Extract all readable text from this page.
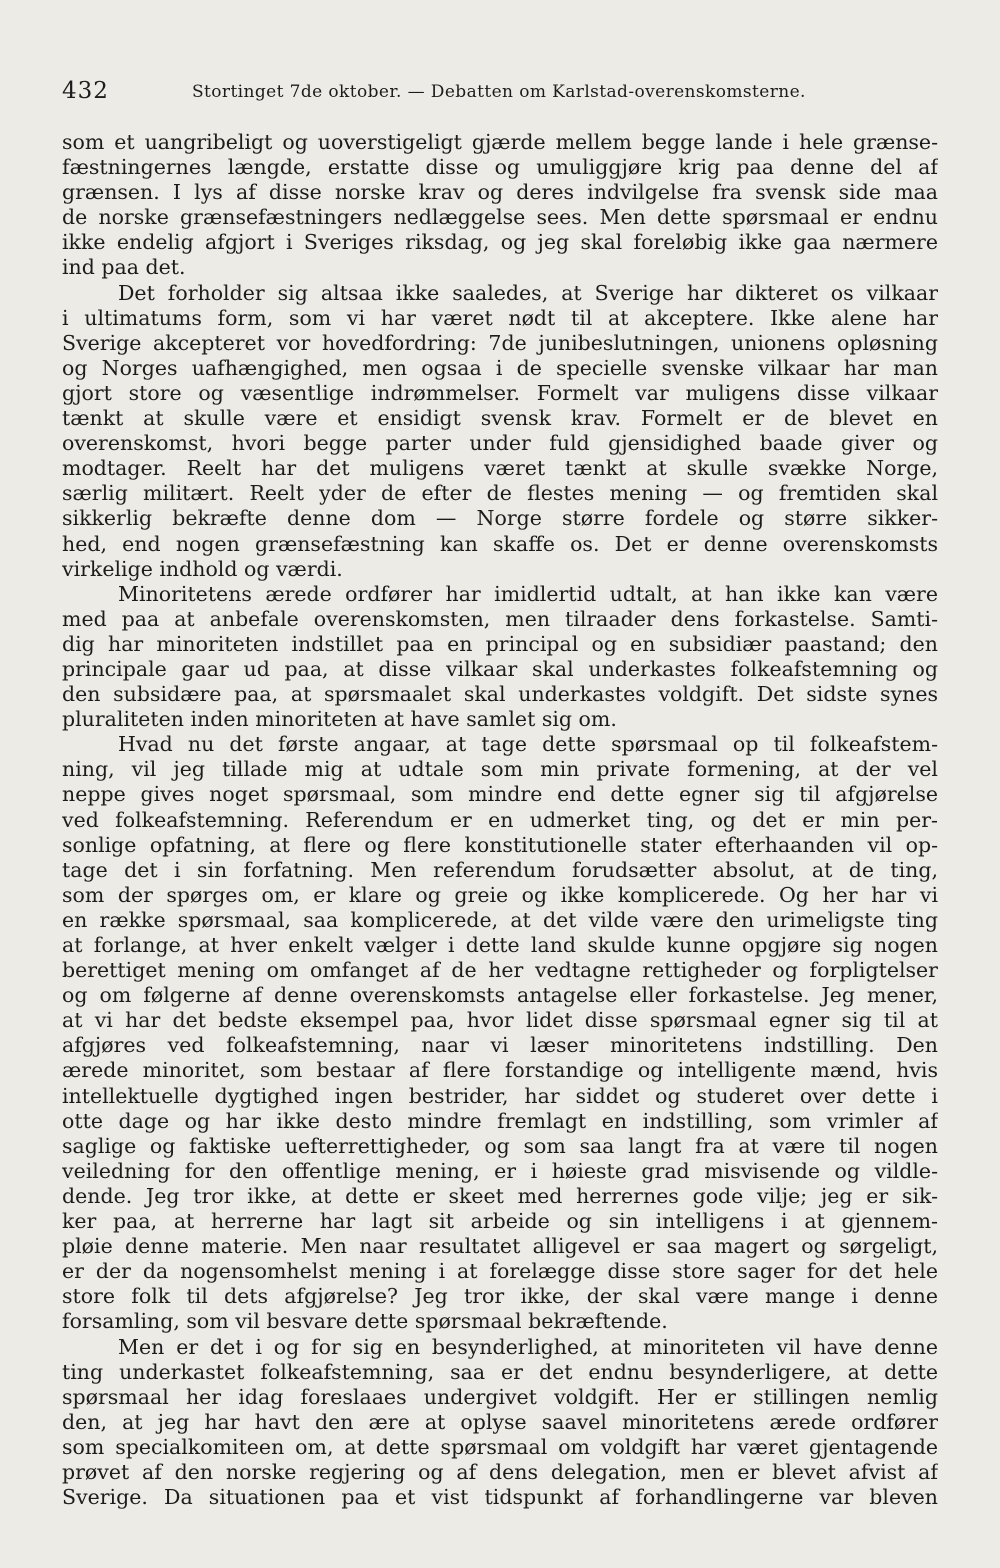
432	Stortinget 7de oktober. — Debatten om Karlstad-overenskomsterne.
som et uangribeligt og uoverstigeligt gjærde mellem begge lande i hele grænse-
fæstningernes længde, erstatte disse og umuliggjøre krig paa denne del af
grænsen. I lys af disse norske krav og deres indvilgelse fra svensk side maa
de norske grænsefæstningers nedlæggelse sees. Men dette spørsmaal er endnu
ikke endelig afgjort i Sveriges riksdag, og jeg skal foreløbig ikke gaa nærmere
ind paa det.
Det forholder sig altsaa ikke saaledes, at Sverige har dikteret os vilkaar
i ultimatums form, som vi har været nødt til at akceptere. Ikke alene har
Sverige akcepteret vor hovedfordring: 7de junibeslutningen, unionens opløsning
og Norges uafhængighed, men ogsaa i de specielle svenske vilkaar har man
gjort store og væsentlige indrømmelser. Formelt var muligens disse vilkaar
tænkt at skulle være et ensidigt svensk krav. Formelt er de blevet en
overenskomst, hvori begge parter under fuld gjensidighed baade giver og
modtager. Reelt har det muligens været tænkt at skulle svække Norge,
særlig militært. Reelt yder de efter de flestes mening — og fremtiden skal
sikkerlig bekræfte denne dom — Norge større fordele og større sikker-
hed, end nogen grænsefæstning kan skaffe os. Det er denne overenskomsts
virkelige indhold og værdi.
Minoritetens ærede ordfører har imidlertid udtalt, at han ikke kan være
med paa at anbefale overenskomsten, men tilraader dens forkastelse. Samti-
dig har minoriteten indstillet paa en principal og en subsidiær paastand; den
principale gaar ud paa, at disse vilkaar skal underkastes folkeafstemning og
den subsidære paa, at spørsmaalet skal underkastes voldgift. Det sidste synes
pluraliteten inden minoriteten at have samlet sig om.
Hvad nu det første angaar, at tage dette spørsmaal op til folkeafstem-
ning, vil jeg tillade mig at udtale som min private formening, at der vel
neppe gives noget spørsmaal, som mindre end dette egner sig til afgjørelse
ved folkeafstemning. Referendum er en udmerket ting, og det er min per-
sonlige opfatning, at flere og flere konstitutionelle stater efterhaanden vil op-
tage det i sin forfatning. Men referendum forudsætter absolut, at de ting,
som der spørges om, er klare og greie og ikke komplicerede. Og her har vi
en række spørsmaal, saa komplicerede, at det vilde være den urimeligste ting
at forlange, at hver enkelt vælger i dette land skulde kunne opgjøre sig nogen
berettiget mening om omfanget af de her vedtagne rettigheder og forpligtelser
og om følgerne af denne overenskomsts antagelse eller forkastelse. Jeg mener,
at vi har det bedste eksempel paa, hvor lidet disse spørsmaal egner sig til at
afgjøres ved folkeafstemning, naar vi læser minoritetens indstilling. Den
ærede minoritet, som bestaar af flere forstandige og intelligente mænd, hvis
intellektuelle dygtighed ingen bestrider, har siddet og studeret over dette i
otte dage og har ikke desto mindre fremlagt en indstilling, som vrimler af
saglige og faktiske uefterrettigheder, og som saa langt fra at være til nogen
veiledning for den offentlige mening, er i høieste grad misvisende og vildle-
dende. Jeg tror ikke, at dette er skeet med herrernes gode vilje; jeg er sik-
ker paa, at herrerne har lagt sit arbeide og sin intelligens i at gjennem-
pløie denne materie. Men naar resultatet alligevel er saa magert og sørgeligt,
er der da nogensomhelst mening i at forelægge disse store sager for det hele
store folk til dets afgjørelse? Jeg tror ikke, der skal være mange i denne
forsamling, som vil besvare dette spørsmaal bekræftende.
Men er det i og for sig en besynderlighed, at minoriteten vil have denne
ting underkastet folkeafstemning, saa er det endnu besynderligere, at dette
spørsmaal her idag foreslaaes undergivet voldgift. Her er stillingen nemlig
den, at jeg har havt den ære at oplyse saavel minoritetens ærede ordfører
som specialkomiteen om, at dette spørsmaal om voldgift har været gjentagende
prøvet af den norske regjering og af dens delegation, men er blevet afvist af
Sverige. Da situationen paa et vist tidspunkt af forhandlingerne var bleven
